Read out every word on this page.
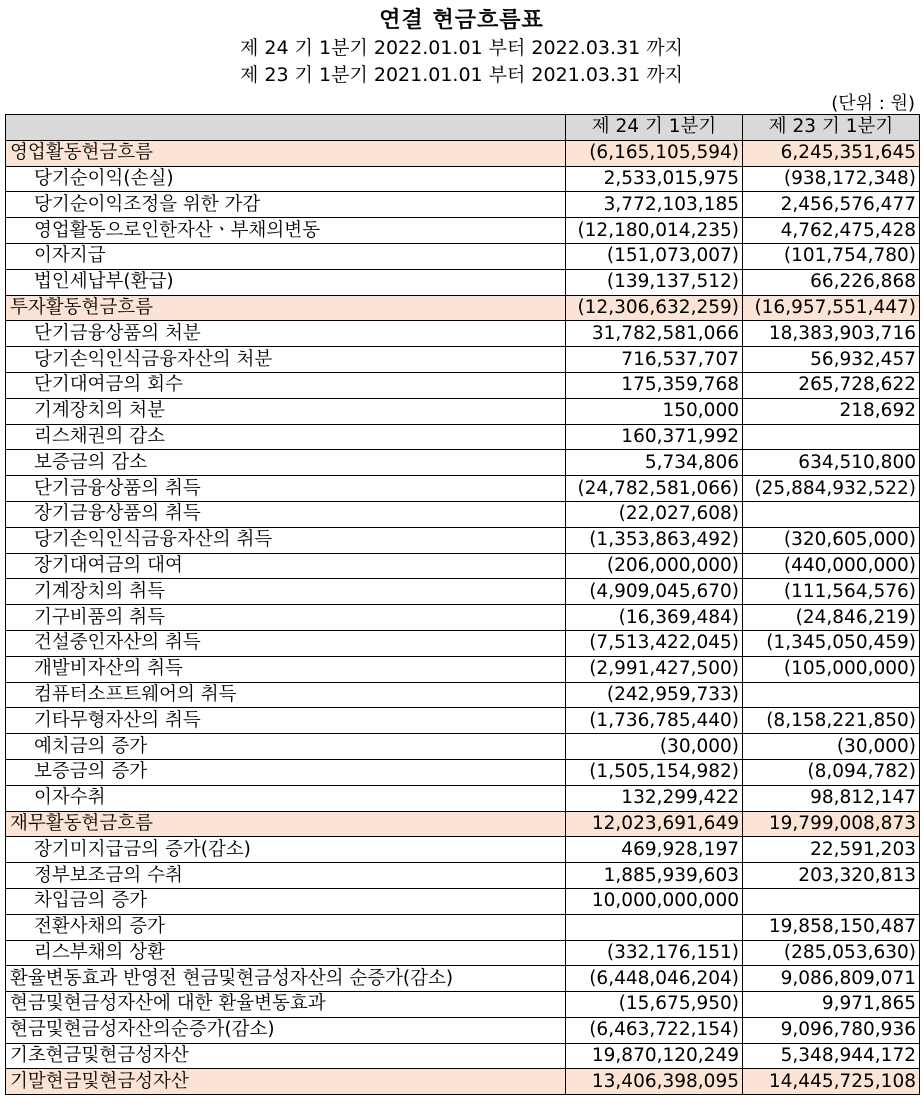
연결 현금흐름표
제 24 기 1분기 2022.01.01 부터 2022.03.31 까지
제 23 기 1분기 2021.01.01 부터 2021.03.31 까지
(단위 : 원)
	제 24 기 1분기	제 23 기 1분기
영업활동현금흐름	(6,165,105,594)	6,245,351,645
당기순이익(손실)	2,533,015,975	(938,172,348)
당기순이익조정을 위한 가감	3,772,103,185	2,456,576,477
영업활동으로인한자산ㆍ부채의변동	(12,180,014,235)	4,762,475,428
이자지급	(151,073,007)	(101,754,780)
법인세납부(환급)	(139,137,512)	66,226,868
투자활동현금흐름	(12,306,632,259)	(16,957,551,447)
단기금융상품의 처분	31,782,581,066	18,383,903,716
당기손익인식금융자산의 처분	716,537,707	56,932,457
단기대여금의 회수	175,359,768	265,728,622
기계장치의 처분	150,000	218,692
리스채권의 감소	160,371,992	
보증금의 감소	5,734,806	634,510,800
단기금융상품의 취득	(24,782,581,066)	(25,884,932,522)
장기금융상품의 취득	(22,027,608)	
당기손익인식금융자산의 취득	(1,353,863,492)	(320,605,000)
장기대여금의 대여	(206,000,000)	(440,000,000)
기계장치의 취득	(4,909,045,670)	(111,564,576)
기구비품의 취득	(16,369,484)	(24,846,219)
건설중인자산의 취득	(7,513,422,045)	(1,345,050,459)
개발비자산의 취득	(2,991,427,500)	(105,000,000)
컴퓨터소프트웨어의 취득	(242,959,733)	
기타무형자산의 취득	(1,736,785,440)	(8,158,221,850)
예치금의 증가	(30,000)	(30,000)
보증금의 증가	(1,505,154,982)	(8,094,782)
이자수취	132,299,422	98,812,147
재무활동현금흐름	12,023,691,649	19,799,008,873
장기미지급금의 증가(감소)	469,928,197	22,591,203
정부보조금의 수취	1,885,939,603	203,320,813
차입금의 증가	10,000,000,000	
전환사채의 증가		19,858,150,487
리스부채의 상환	(332,176,151)	(285,053,630)
환율변동효과 반영전 현금및현금성자산의 순증가(감소)	(6,448,046,204)	9,086,809,071
현금및현금성자산에 대한 환율변동효과	(15,675,950)	9,971,865
현금및현금성자산의순증가(감소)	(6,463,722,154)	9,096,780,936
기초현금및현금성자산	19,870,120,249	5,348,944,172
기말현금및현금성자산	13,406,398,095	14,445,725,108
